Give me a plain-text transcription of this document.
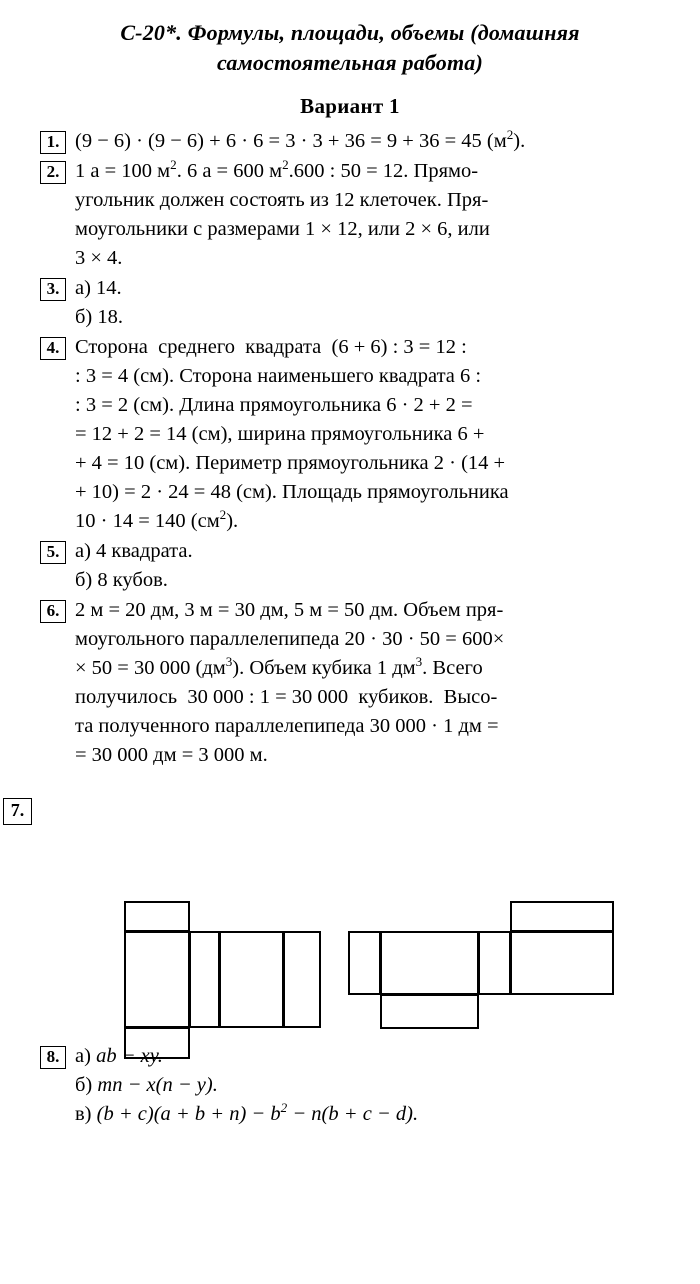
С-20*. Формулы, площади, объемы (домашняя
самостоятельная работа)
Вариант 1
1. (9 − 6) · (9 − 6) + 6 · 6 = 3 · 3 + 36 = 9 + 36 = 45 $(м^2)$.
2. 1 а = 100 $м^2$. 6 а = 600 $м^2.600$ : 50 = 12. Прямо-
угольник должен состоять из 12 клеточек. Пря-
моугольники с размерами 1 × 12, или 2 × 6, или
3 × 4.
3. а) 14.
б) 18.
4. Сторона  среднего  квадрата  (6 + 6) : 3 = 12 :
: 3 = 4 (см). Сторона наименьшего квадрата 6 :
: 3 = 2 (см). Длина прямоугольника 6 · 2 + 2 =
= 12 + 2 = 14 (см), ширина прямоугольника 6 +
+ 4 = 10 (см). Периметр прямоугольника 2 · (14 +
+ 10) = 2 · 24 = 48 (см). Площадь прямоугольника
10 · 14 = 140 $(см^2)$.
5. а) 4 квадрата.
б) 8 кубов.
6. 2 м = 20 дм, 3 м = 30 дм, 5 м = 50 дм. Объем пря-
моугольного параллелепипеда 20 · 30 · 50 = 600×
× 50 = 30 000 $(дм^3)$. Объем кубика 1 $дм^3$. Всего
получилось  30 000 : 1 = 30 000  кубиков.  Высо-
та полученного параллелепипеда 30 000 · 1 дм =
= 30 000 дм = 3 000 м.
7.
8. а) ab − xy.
б) mn − x(n − y).
в) $(b + c)(a + b + n) - b^2 - n(b + c - d)$.
